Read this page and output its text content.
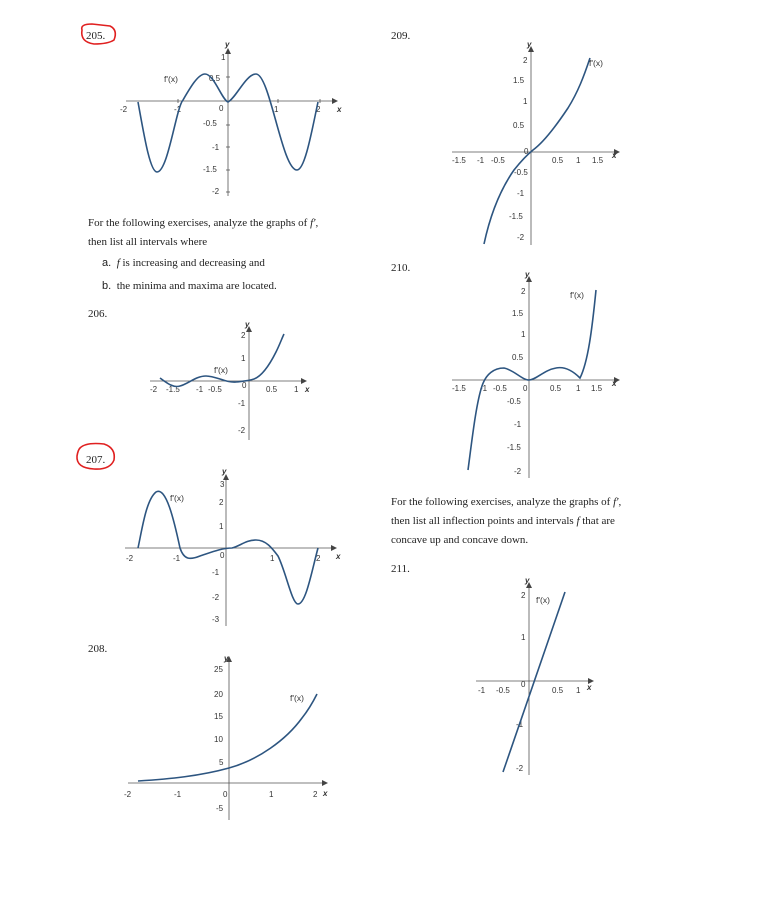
205.
206.
207.
208.
209.
210.
211.
For the following exercises, analyze the graphs of f′,
then list all intervals where
a. f is increasing and decreasing and
b. the minima and maxima are located.
For the following exercises, analyze the graphs of f′,
then list all inflection points and intervals f that are
concave up and concave down.
y
x
-2	-1	1	2
1
0.5
0
-0.5
-1
-1.5
-2
f'(x)
y
x
-2 -1.5 -1 -0.5	0 0.5 1
2
1
-1
-2
f'(x)
y
x
-2	-1	0	1	2
3
2
1
-1
-2
-3
f'(x)
y
x
-2	-1	0	1	2
25
20
15
10
5
-5
f'(x)
y
x
-1.5 -1 -0.5
0
0.5 1 1.5
2
1.5
1
0.5
-0.5
-1
-1.5
-2
f'(x)
y
x
-1.5 -1 -0.5 0	0.5 1 1.5
2
1.5
1
0.5
-0.5
-1
-1.5
-2
f'(x)
y
x
-1 -0.5
0
0.5 1
2
1
-1
-2
f'(x)
